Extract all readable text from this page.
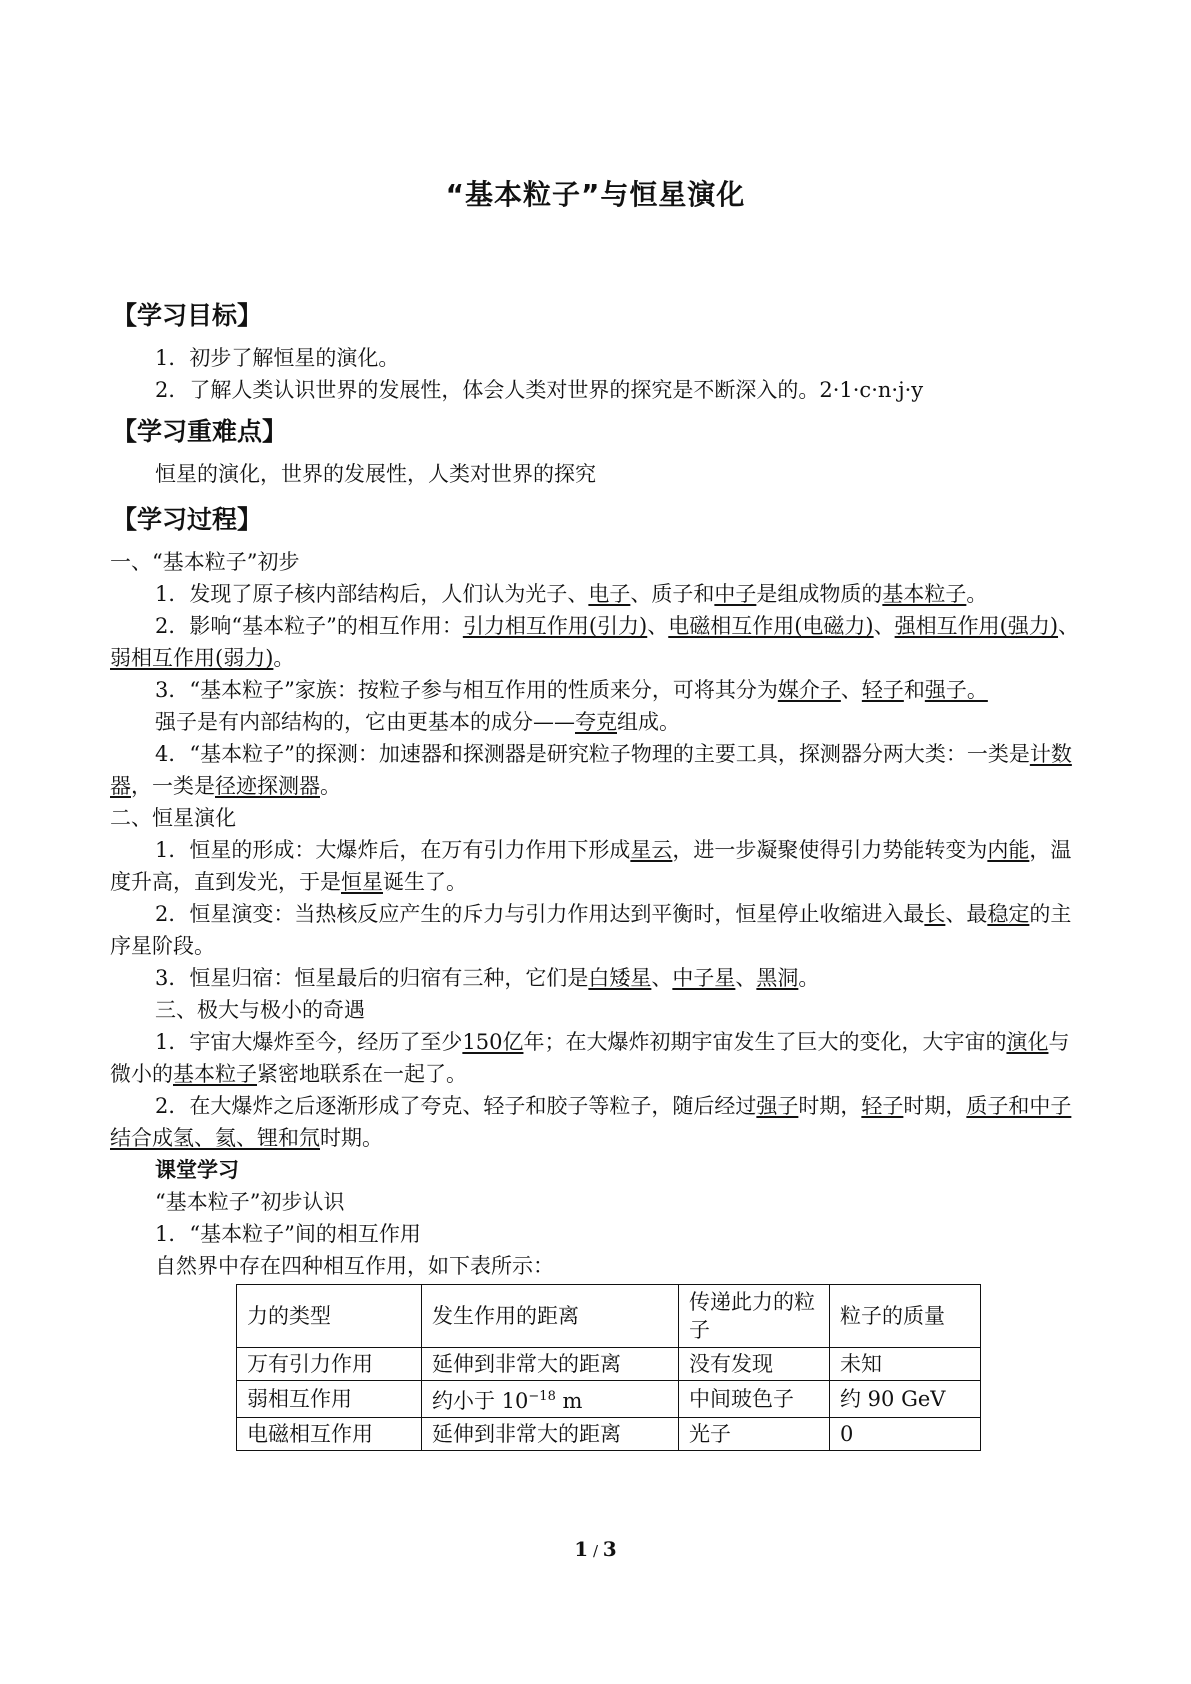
“基本粒子”与恒星演化
【学习目标】

1．初步了解恒星的演化。

2．了解人类认识世界的发展性，体会人类对世界的探究是不断深入的。2·1·c·n·j·y

【学习重难点】

恒星的演化，世界的发展性，人类对世界的探究

【学习过程】

一、“基本粒子”初步

1．发现了原子核内部结构后，人们认为光子、电子、质子和中子是组成物质的基本粒子。

2．影响“基本粒子”的相互作用：引力相互作用(引力)、电磁相互作用(电磁力)、强相互作用(强力)、弱相互作用(弱力)。

3．“基本粒子”家族：按粒子参与相互作用的性质来分，可将其分为媒介子、轻子和强子。

强子是有内部结构的，它由更基本的成分——夸克组成。

4．“基本粒子”的探测：加速器和探测器是研究粒子物理的主要工具，探测器分两大类：一类是计数器，一类是径迹探测器。

二、恒星演化

1．恒星的形成：大爆炸后，在万有引力作用下形成星云，进一步凝聚使得引力势能转变为内能，温度升高，直到发光，于是恒星诞生了。

2．恒星演变：当热核反应产生的斥力与引力作用达到平衡时，恒星停止收缩进入最长、最稳定的主序星阶段。

3．恒星归宿：恒星最后的归宿有三种，它们是白矮星、中子星、黑洞。

三、极大与极小的奇遇

1．宇宙大爆炸至今，经历了至少150亿年；在大爆炸初期宇宙发生了巨大的变化，大宇宙的演化与微小的基本粒子紧密地联系在一起了。

2．在大爆炸之后逐渐形成了夸克、轻子和胶子等粒子，随后经过强子时期，轻子时期，质子和中子结合成氢、氦、锂和氘时期。

课堂学习

“基本粒子”初步认识

1．“基本粒子”间的相互作用

自然界中存在四种相互作用，如下表所示：

力的类型	发生作用的距离	传递此力的粒子	粒子的质量
万有引力作用	延伸到非常大的距离	没有发现	未知
弱相互作用	约小于 $10^{-18}$ m	中间玻色子	约 90 GeV
电磁相互作用	延伸到非常大的距离	光子	0
1 / 3
